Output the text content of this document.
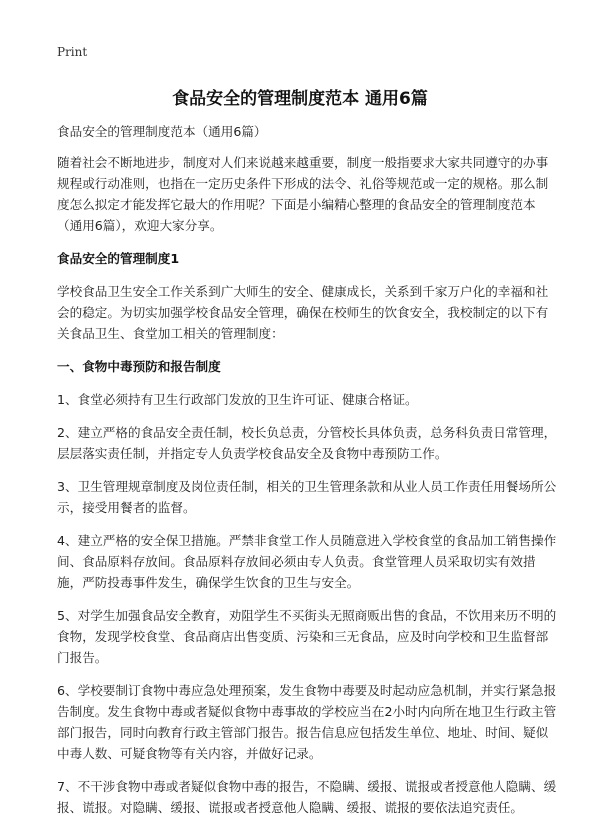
Print
食品安全的管理制度范本 通用6篇

食品安全的管理制度范本（通用6篇）

随着社会不断地进步，制度对人们来说越来越重要，制度一般指要求大家共同遵守的办事规程或行动准则，也指在一定历史条件下形成的法令、礼俗等规范或一定的规格。那么制度怎么拟定才能发挥它最大的作用呢？下面是小编精心整理的食品安全的管理制度范本（通用6篇），欢迎大家分享。

食品安全的管理制度1

学校食品卫生安全工作关系到广大师生的安全、健康成长，关系到千家万户化的幸福和社会的稳定。为切实加强学校食品安全管理，确保在校师生的饮食安全，我校制定的以下有关食品卫生、食堂加工相关的管理制度：

一、食物中毒预防和报告制度

1、食堂必须持有卫生行政部门发放的卫生许可证、健康合格证。

2、建立严格的食品安全责任制，校长负总责，分管校长具体负责，总务科负责日常管理，层层落实责任制，并指定专人负责学校食品安全及食物中毒预防工作。

3、卫生管理规章制度及岗位责任制，相关的卫生管理条款和从业人员工作责任用餐场所公示，接受用餐者的监督。

4、建立严格的安全保卫措施。严禁非食堂工作人员随意进入学校食堂的食品加工销售操作间、食品原料存放间。食品原料存放间必须由专人负责。食堂管理人员采取切实有效措施，严防投毒事件发生，确保学生饮食的卫生与安全。

5、对学生加强食品安全教育，劝阻学生不买街头无照商贩出售的食品，不饮用来历不明的食物，发现学校食堂、食品商店出售变质、污染和三无食品，应及时向学校和卫生监督部门报告。

6、学校要制订食物中毒应急处理预案，发生食物中毒要及时起动应急机制，并实行紧急报告制度。发生食物中毒或者疑似食物中毒事故的学校应当在2小时内向所在地卫生行政主管部门报告，同时向教育行政主管部门报告。报告信息应包括发生单位、地址、时间、疑似中毒人数、可疑食物等有关内容，并做好记录。

7、不干涉食物中毒或者疑似食物中毒的报告，不隐瞒、缓报、谎报或者授意他人隐瞒、缓报、谎报。对隐瞒、缓报、谎报或者授意他人隐瞒、缓报、谎报的要依法追究责任。
